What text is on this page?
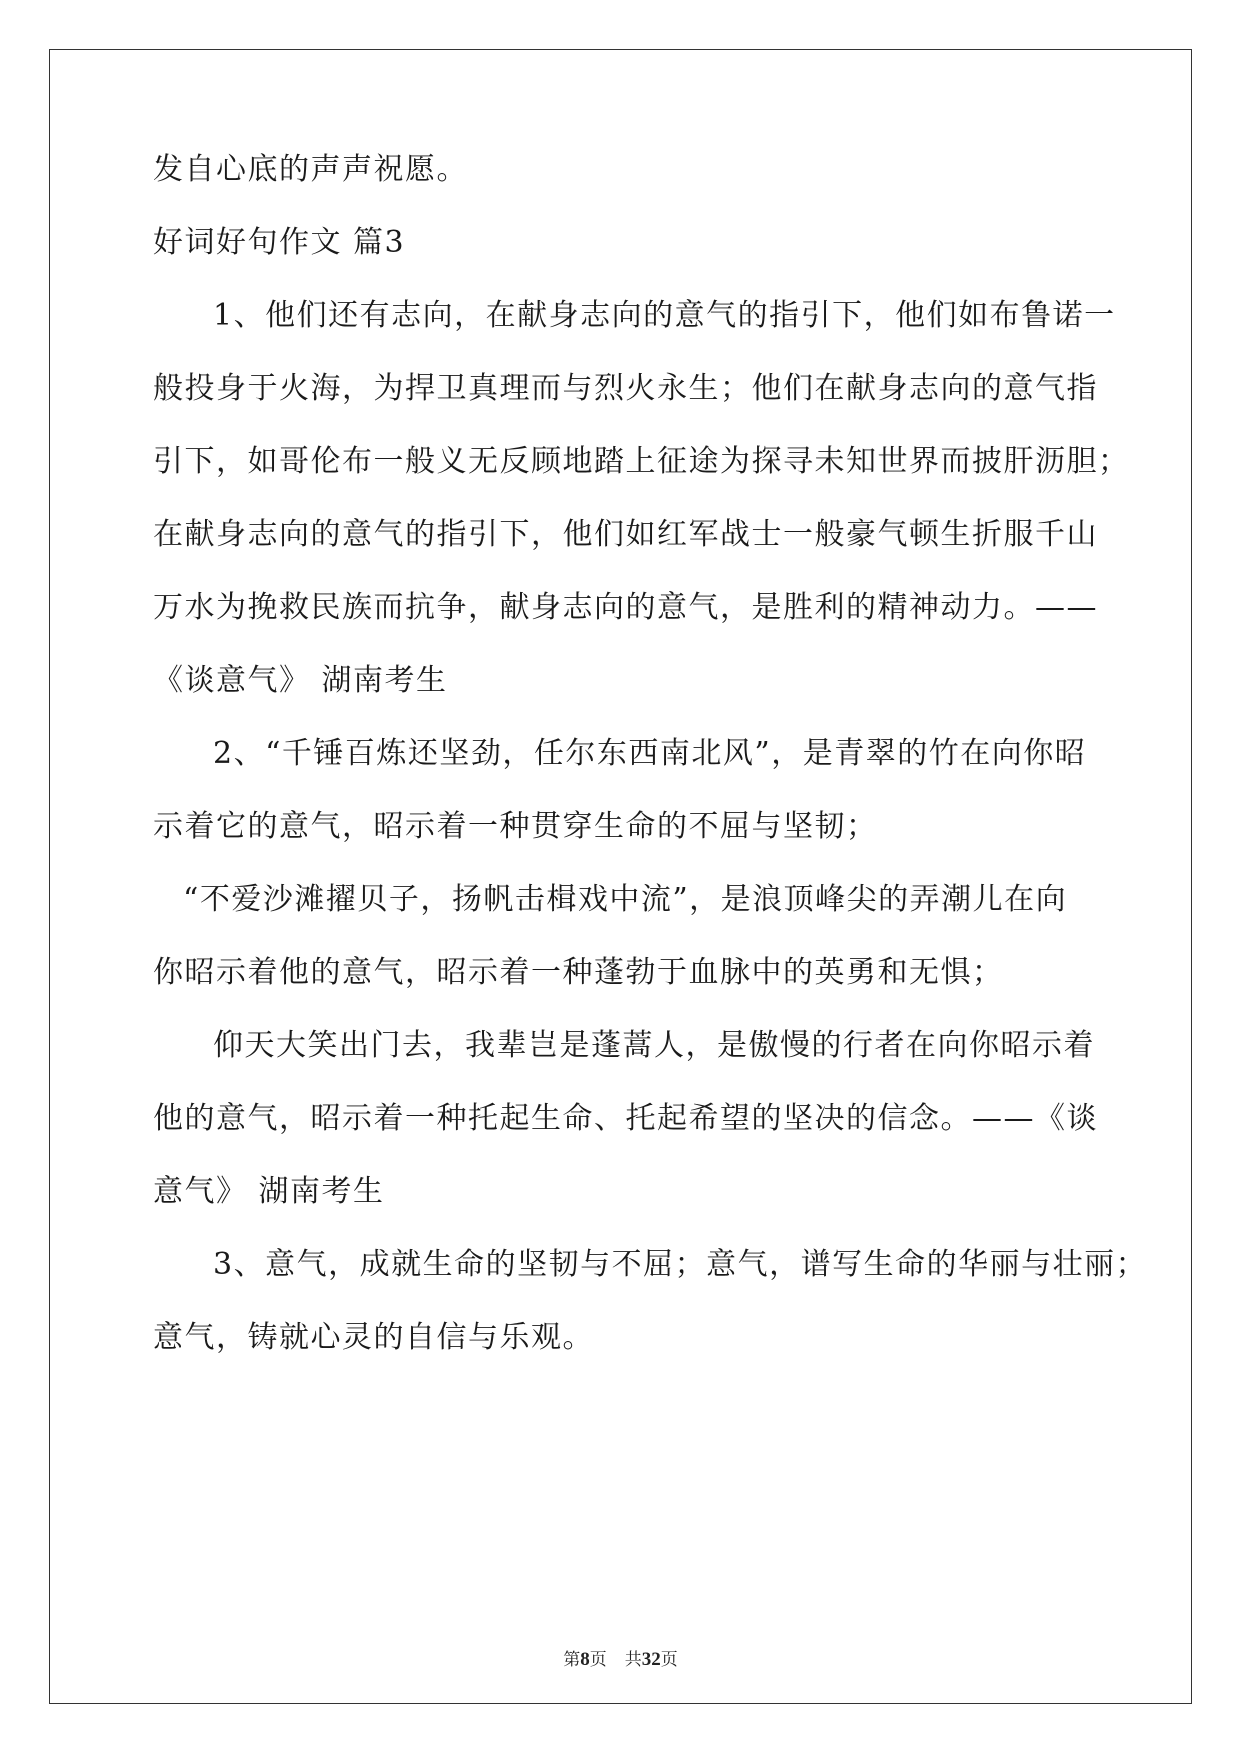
发自心底的声声祝愿。
好词好句作文 篇3
1、他们还有志向，在献身志向的意气的指引下，他们如布鲁诺一
般投身于火海，为捍卫真理而与烈火永生；他们在献身志向的意气指
引下，如哥伦布一般义无反顾地踏上征途为探寻未知世界而披肝沥胆；
在献身志向的意气的指引下，他们如红军战士一般豪气顿生折服千山
万水为挽救民族而抗争，献身志向的意气，是胜利的精神动力。——
《谈意气》 湖南考生
2、“千锤百炼还坚劲，任尔东西南北风”，是青翠的竹在向你昭
示着它的意气，昭示着一种贯穿生命的不屈与坚韧；
“不爱沙滩擢贝子，扬帆击楫戏中流”，是浪顶峰尖的弄潮儿在向
你昭示着他的意气，昭示着一种蓬勃于血脉中的英勇和无惧；
仰天大笑出门去，我辈岂是蓬蒿人，是傲慢的行者在向你昭示着
他的意气，昭示着一种托起生命、托起希望的坚决的信念。——《谈
意气》 湖南考生
3、意气，成就生命的坚韧与不屈；意气，谱写生命的华丽与壮丽；
意气，铸就心灵的自信与乐观。
第8页 共32页
